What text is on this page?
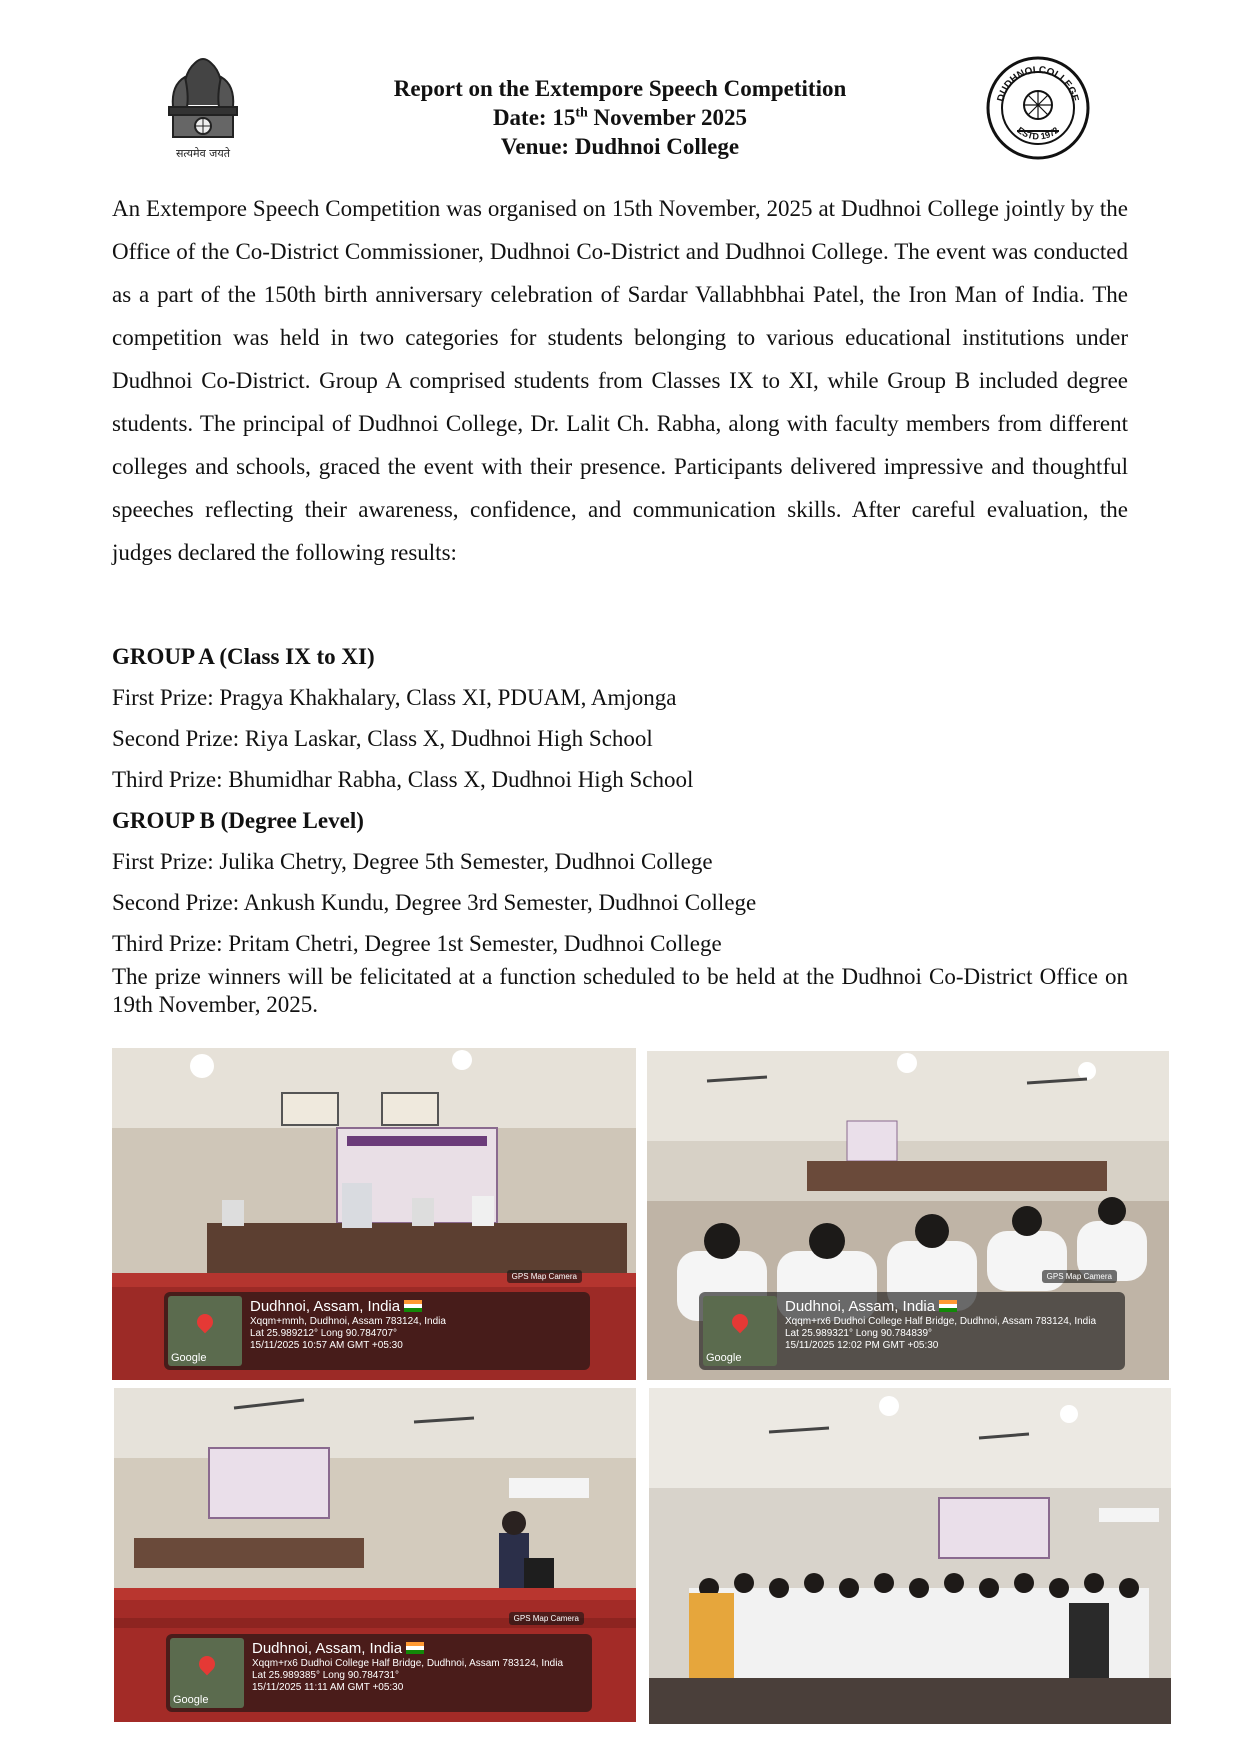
सत्यमेव जयते
Report on the Extempore Speech Competition
Date: 15th November 2025
Venue: Dudhnoi College
DUDHNOI COLLEGE
ESTD 1972
An Extempore Speech Competition was organised on 15th November, 2025 at Dudhnoi College jointly by the Office of the Co-District Commissioner, Dudhnoi Co-District and Dudhnoi College. The event was conducted as a part of the 150th birth anniversary celebration of Sardar Vallabhbhai Patel, the Iron Man of India. The competition was held in two categories for students belonging to various educational institutions under Dudhnoi Co-District. Group A comprised students from Classes IX to XI, while Group B included degree students. The principal of Dudhnoi College, Dr. Lalit Ch. Rabha, along with faculty members from different colleges and schools, graced the event with their presence. Participants delivered impressive and thoughtful speeches reflecting their awareness, confidence, and communication skills. After careful evaluation, the judges declared the following results:
GROUP A (Class IX to XI)
First Prize: Pragya Khakhalary, Class XI, PDUAM, Amjonga
Second Prize: Riya Laskar, Class X, Dudhnoi High School
Third Prize: Bhumidhar Rabha, Class X, Dudhnoi High School
GROUP B (Degree Level)
First Prize: Julika Chetry, Degree 5th Semester, Dudhnoi College
Second Prize: Ankush Kundu, Degree 3rd Semester, Dudhnoi College
Third Prize: Pritam Chetri, Degree 1st Semester, Dudhnoi College
The prize winners will be felicitated at a function scheduled to be held at the Dudhnoi Co-District Office on 19th November, 2025.
GPS Map Camera
Google
Dudhnoi, Assam, India
Xqqm+mmh, Dudhnoi, Assam 783124, India
Lat 25.989212° Long 90.784707°
15/11/2025 10:57 AM GMT +05:30
GPS Map Camera
Google
Dudhnoi, Assam, India
Xqqm+rx6 Dudhoi College Half Bridge, Dudhnoi, Assam 783124, India
Lat 25.989321° Long 90.784839°
15/11/2025 12:02 PM GMT +05:30
GPS Map Camera
Google
Dudhnoi, Assam, India
Xqqm+rx6 Dudhoi College Half Bridge, Dudhnoi, Assam 783124, India
Lat 25.989385° Long 90.784731°
15/11/2025 11:11 AM GMT +05:30
